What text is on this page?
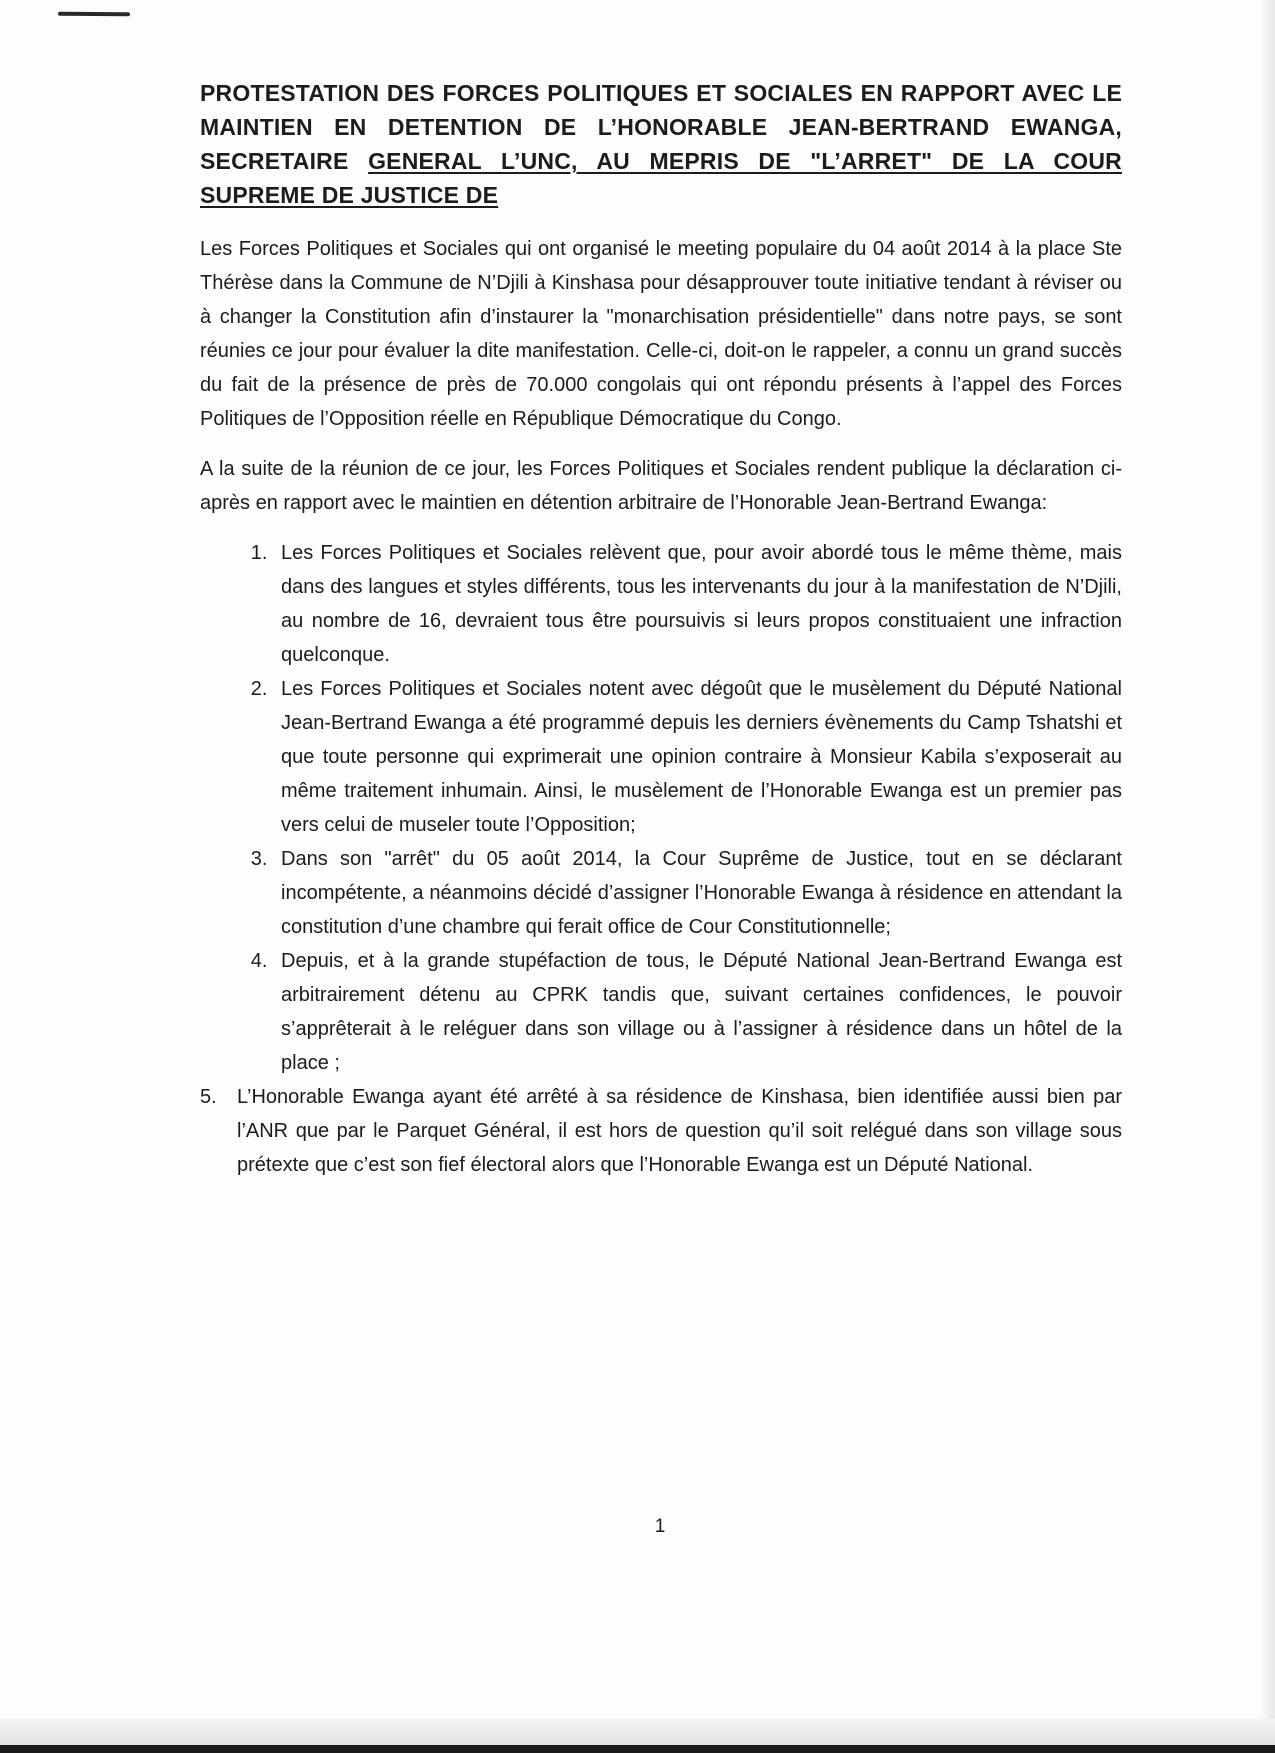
PROTESTATION DES FORCES POLITIQUES ET SOCIALES EN RAPPORT AVEC LE MAINTIEN EN DETENTION DE L’HONORABLE JEAN-BERTRAND EWANGA, SECRETAIRE GENERAL L’UNC, AU MEPRIS DE "L’ARRET" DE LA COUR SUPREME DE JUSTICE DE

Les Forces Politiques et Sociales qui ont organisé le meeting populaire du 04 août 2014 à la place Ste Thérèse dans la Commune de N’Djili à Kinshasa pour désapprouver toute initiative tendant à réviser ou à changer la Constitution afin d’instaurer la "monarchisation présidentielle" dans notre pays, se sont réunies ce jour pour évaluer la dite manifestation. Celle-ci, doit-on le rappeler, a connu un grand succès du fait de la présence de près de 70.000 congolais qui ont répondu présents à l’appel des Forces Politiques de l’Opposition réelle en République Démocratique du Congo.

A la suite de la réunion de ce jour, les Forces Politiques et Sociales rendent publique la déclaration ci-après en rapport avec le maintien en détention arbitraire de l’Honorable Jean-Bertrand Ewanga:

1. Les Forces Politiques et Sociales relèvent que, pour avoir abordé tous le même thème, mais dans des langues et styles différents, tous les intervenants du jour à la manifestation de N’Djili, au nombre de 16, devraient tous être poursuivis si leurs propos constituaient une infraction quelconque.
2. Les Forces Politiques et Sociales notent avec dégoût que le musèlement du Député National Jean-Bertrand Ewanga a été programmé depuis les derniers évènements du Camp Tshatshi et que toute personne qui exprimerait une opinion contraire à Monsieur Kabila s’exposerait au même traitement inhumain. Ainsi, le musèlement de l’Honorable Ewanga est un premier pas vers celui de museler toute l’Opposition;
3. Dans son "arrêt" du 05 août 2014, la Cour Suprême de Justice, tout en se déclarant incompétente, a néanmoins décidé d’assigner l’Honorable Ewanga à résidence en attendant la constitution d’une chambre qui ferait office de Cour Constitutionnelle;
4. Depuis, et à la grande stupéfaction de tous, le Député National Jean-Bertrand Ewanga est arbitrairement détenu au CPRK tandis que, suivant certaines confidences, le pouvoir s’apprêterait à le reléguer dans son village ou à l’assigner à résidence dans un hôtel de la place ;
5.	L’Honorable Ewanga ayant été arrêté à sa résidence de Kinshasa, bien identifiée aussi bien par l’ANR que par le Parquet Général, il est hors de question qu’il soit relégué dans son village sous prétexte que c’est son fief électoral alors que l’Honorable Ewanga est un Député National.
1
